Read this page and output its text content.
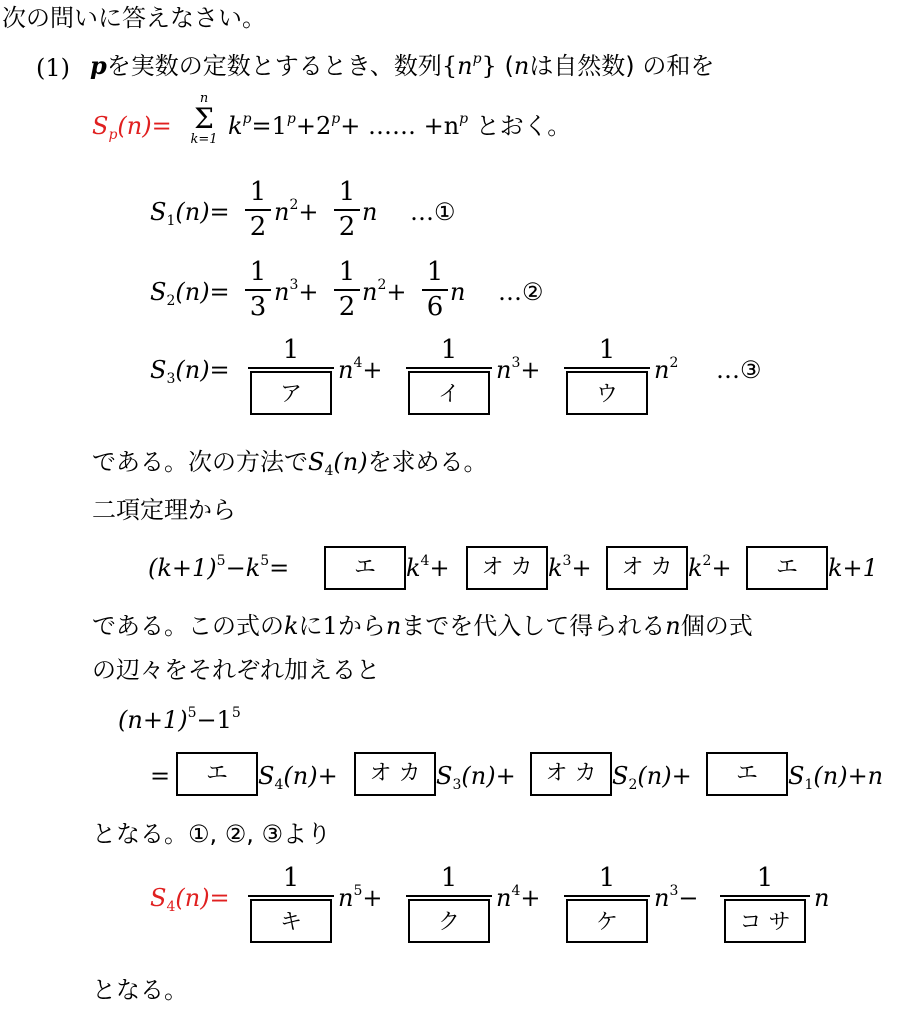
次の問いに答えなさい。
(1) pを実数の定数とするとき、数列$\{n^p\}$ (nは自然数) の和を
$S_p(n)=$
n
Σ
k=1 $k^p=1^p+2^p+$ …… $+n^p$ とおく。
$S_1(n)=$
1
2 $n^2+$
1
2 n …①
$S_2(n)=$
1
3 $n^3+$
1
2 $n^2+$
1
6 n …②
$S_3(n)=$
1
ア
$n^4+$
1
イ
$n^3+$
1
ウ
$n^2$ …③
である。次の方法で$S_4(n)$を求める。
二項定理から
$(k+1)^5-k^5=$	エ	$k^4+$	オ カ $k^3+$	オ カ $k^2+$	エ	k+1
である。この式のkに1からnまでを代入して得られるn個の式
の辺々をそれぞれ加えると
$(n+1)^5-1^5$
=	エ	$S_4(n)+$	オ カ $S_3(n)+$	オ カ $S_2(n)+$	エ	$S_1(n)+n$
となる。①, ②, ③より
$S_4(n)=$
1
キ
$n^5+$
1
ク
$n^4+$
1
ケ
$n^3-$
1
コ サ
n
となる。
